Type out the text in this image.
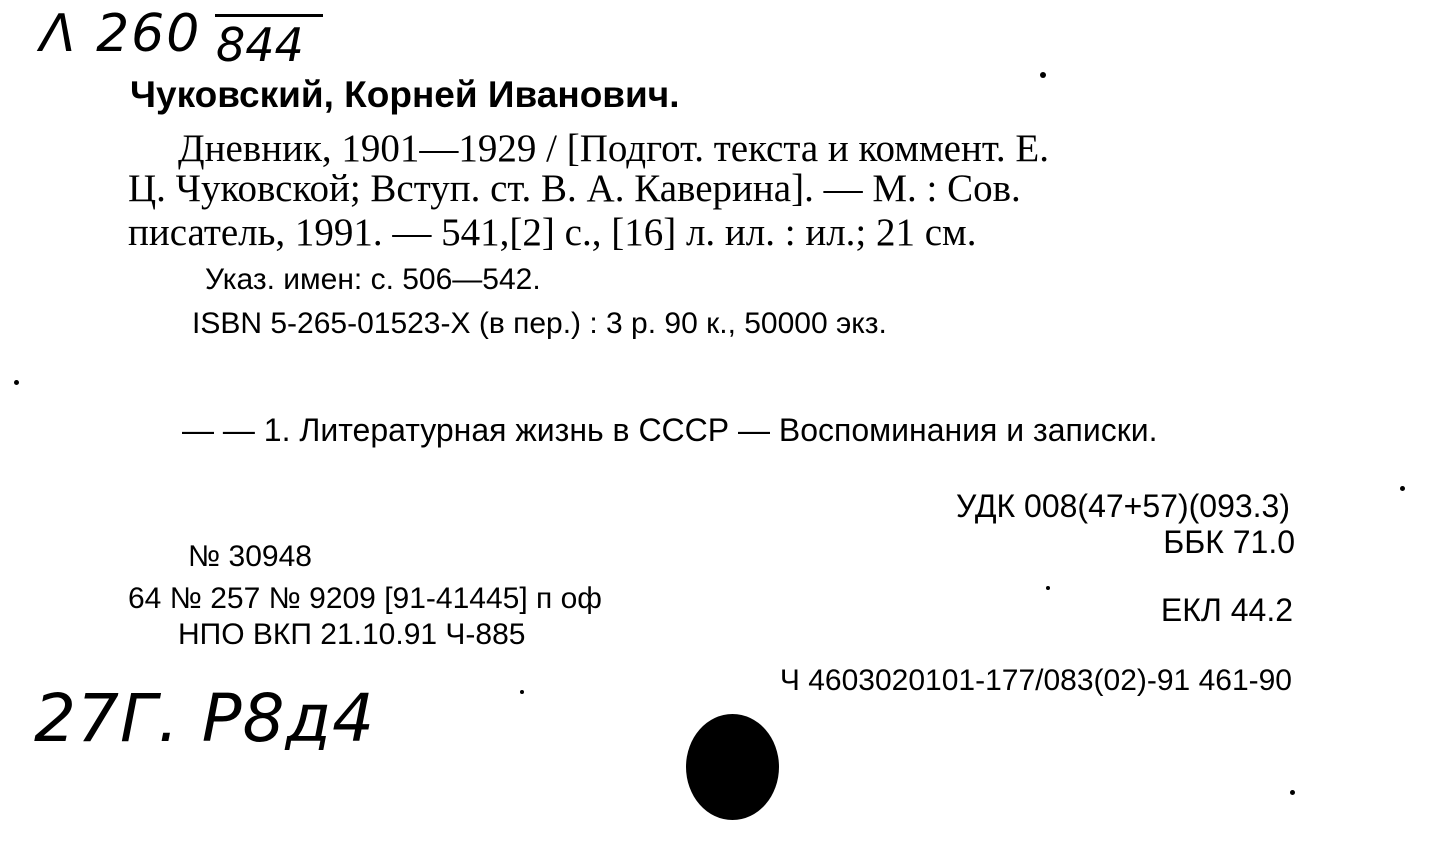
Λ 260 844
Чуковский, Корней Иванович.
Дневник, 1901—1929 / [Подгот. текста и коммент. Е.
Ц. Чуковской; Вступ. ст. В. А. Каверина]. — М. : Сов.
писатель, 1991. — 541,[2] с., [16] л. ил. : ил.; 21 см.
Указ. имен: с. 506—542.
ISBN 5-265-01523-X (в пер.) : 3 р. 90 к., 50000 экз.
— — 1. Литературная жизнь в СССР — Воспоминания и записки.
УДК 008(47+57)(093.3)
ББК 71.0
№ 30948
64 № 257 № 9209 [91-41445] п оф
НПО ВКП 21.10.91 Ч-885
ЕКЛ 44.2
Ч 4603020101-177/083(02)-91 461-90
27Г. P8д4
